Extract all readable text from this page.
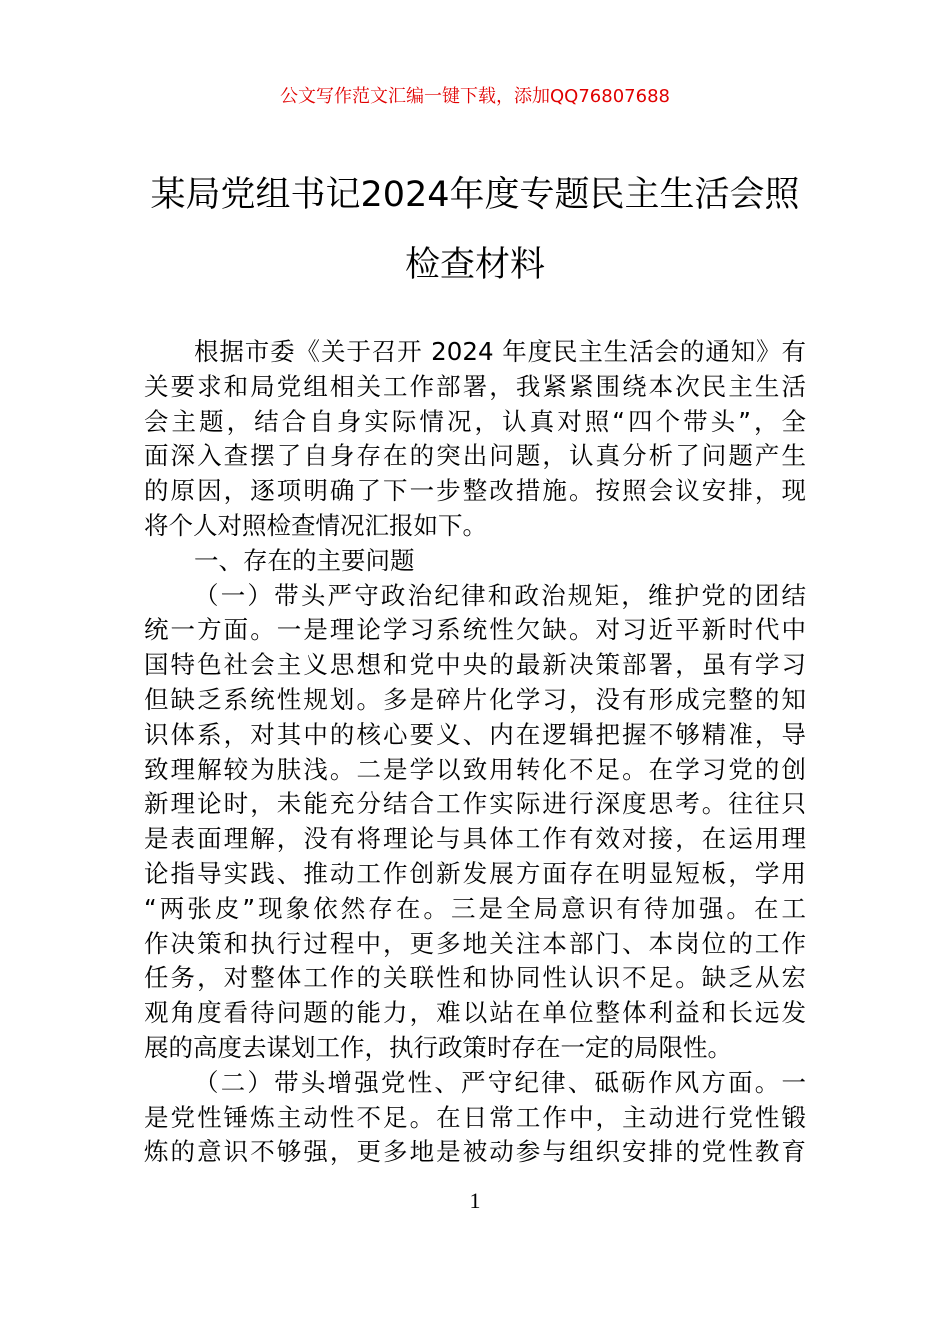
公文写作范文汇编一键下载，添加QQ76807688
某局党组书记2024年度专题民主生活会照
检查材料
根据市委《关于召开 2024 年度民主生活会的通知》有
关要求和局党组相关工作部署，我紧紧围绕本次民主生活
会主题，结合自身实际情况，认真对照“四个带头”，全
面深入查摆了自身存在的突出问题，认真分析了问题产生
的原因，逐项明确了下一步整改措施。按照会议安排，现
将个人对照检查情况汇报如下。
一、存在的主要问题
（一）带头严守政治纪律和政治规矩，维护党的团结
统一方面。一是理论学习系统性欠缺。对习近平新时代中
国特色社会主义思想和党中央的最新决策部署，虽有学习
但缺乏系统性规划。多是碎片化学习，没有形成完整的知
识体系，对其中的核心要义、内在逻辑把握不够精准，导
致理解较为肤浅。二是学以致用转化不足。在学习党的创
新理论时，未能充分结合工作实际进行深度思考。往往只
是表面理解，没有将理论与具体工作有效对接，在运用理
论指导实践、推动工作创新发展方面存在明显短板，学用
“两张皮”现象依然存在。三是全局意识有待加强。在工
作决策和执行过程中，更多地关注本部门、本岗位的工作
任务，对整体工作的关联性和协同性认识不足。缺乏从宏
观角度看待问题的能力，难以站在单位整体利益和长远发
展的高度去谋划工作，执行政策时存在一定的局限性。
（二）带头增强党性、严守纪律、砥砺作风方面。一
是党性锤炼主动性不足。在日常工作中，主动进行党性锻
炼的意识不够强，更多地是被动参与组织安排的党性教育
1
